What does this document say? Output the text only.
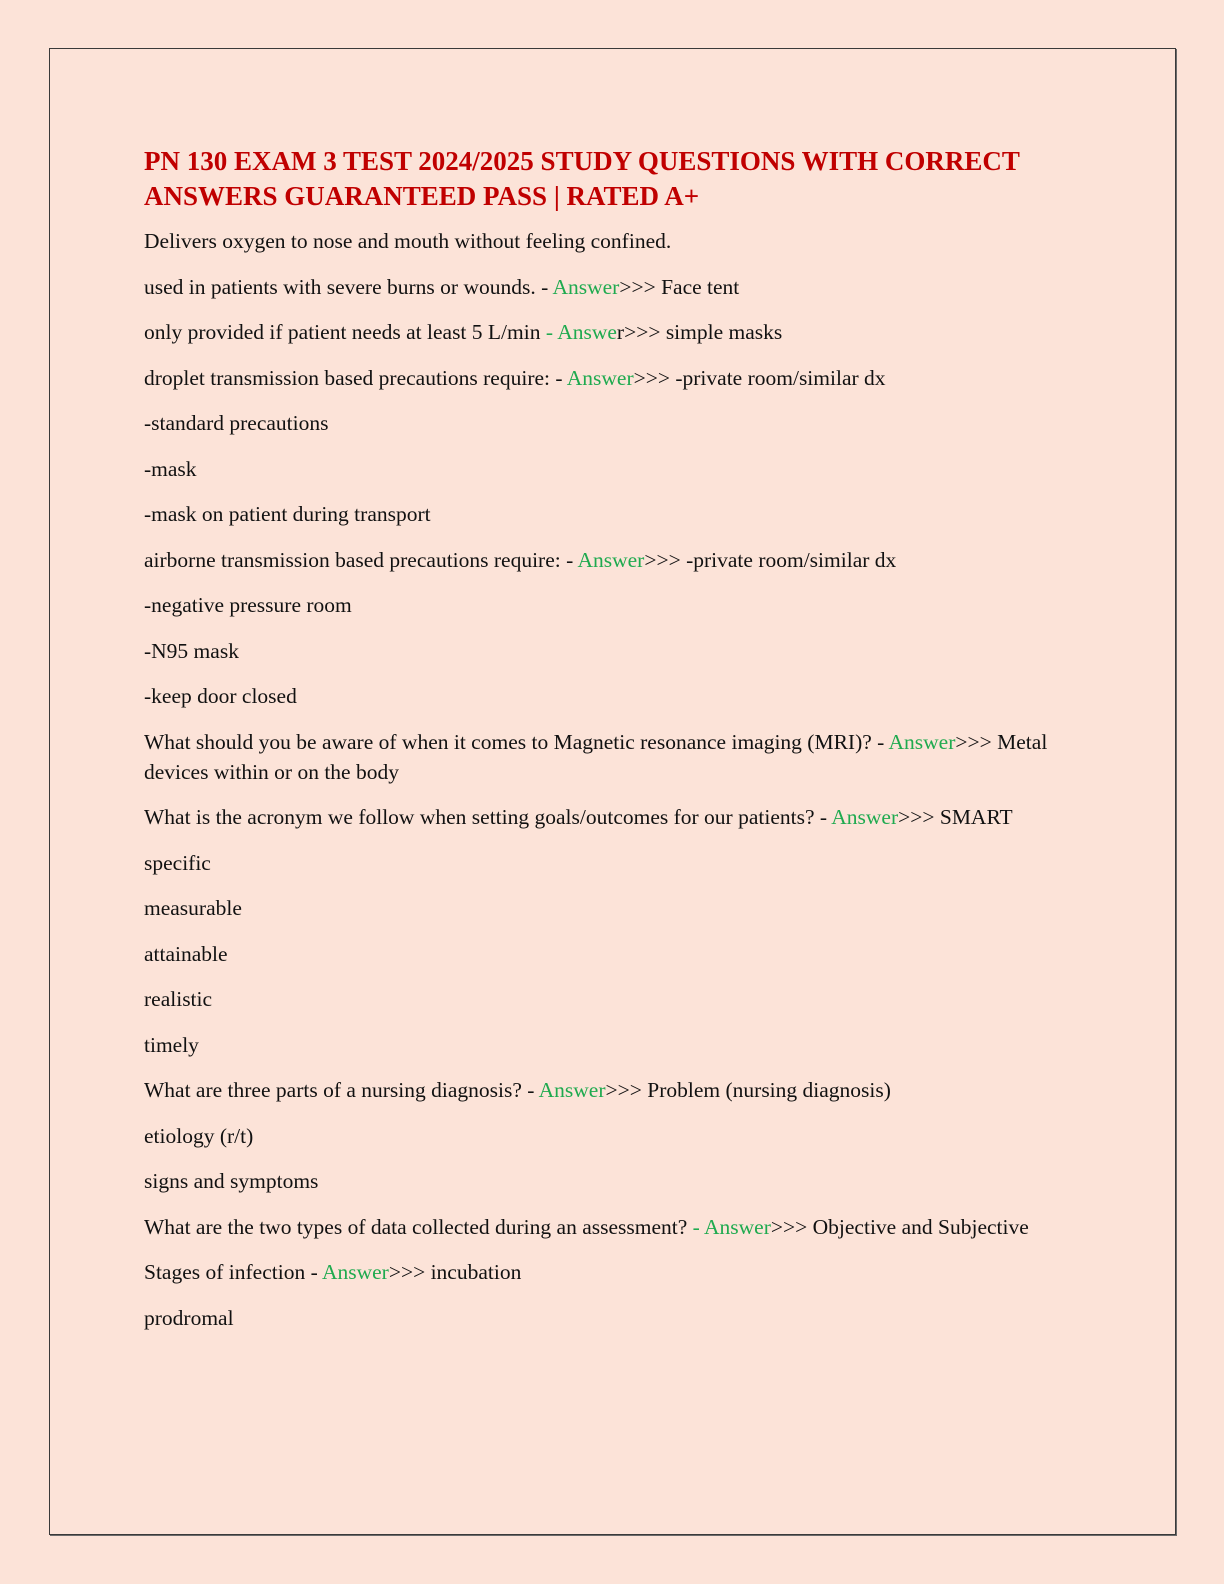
PN 130 EXAM 3 TEST 2024/2025 STUDY QUESTIONS WITH CORRECT ANSWERS GUARANTEED PASS | RATED A+
Delivers oxygen to nose and mouth without feeling confined.
used in patients with severe burns or wounds. - Answer>>> Face tent
only provided if patient needs at least 5 L/min - Answer>>> simple masks
droplet transmission based precautions require: - Answer>>> -private room/similar dx
-standard precautions
-mask
-mask on patient during transport
airborne transmission based precautions require: - Answer>>> -private room/similar dx
-negative pressure room
-N95 mask
-keep door closed
What should you be aware of when it comes to Magnetic resonance imaging (MRI)? - Answer>>> Metal devices within or on the body
What is the acronym we follow when setting goals/outcomes for our patients? - Answer>>> SMART
specific
measurable
attainable
realistic
timely
What are three parts of a nursing diagnosis? - Answer>>> Problem (nursing diagnosis)
etiology (r/t)
signs and symptoms
What are the two types of data collected during an assessment? - Answer>>> Objective and Subjective
Stages of infection - Answer>>> incubation
prodromal
